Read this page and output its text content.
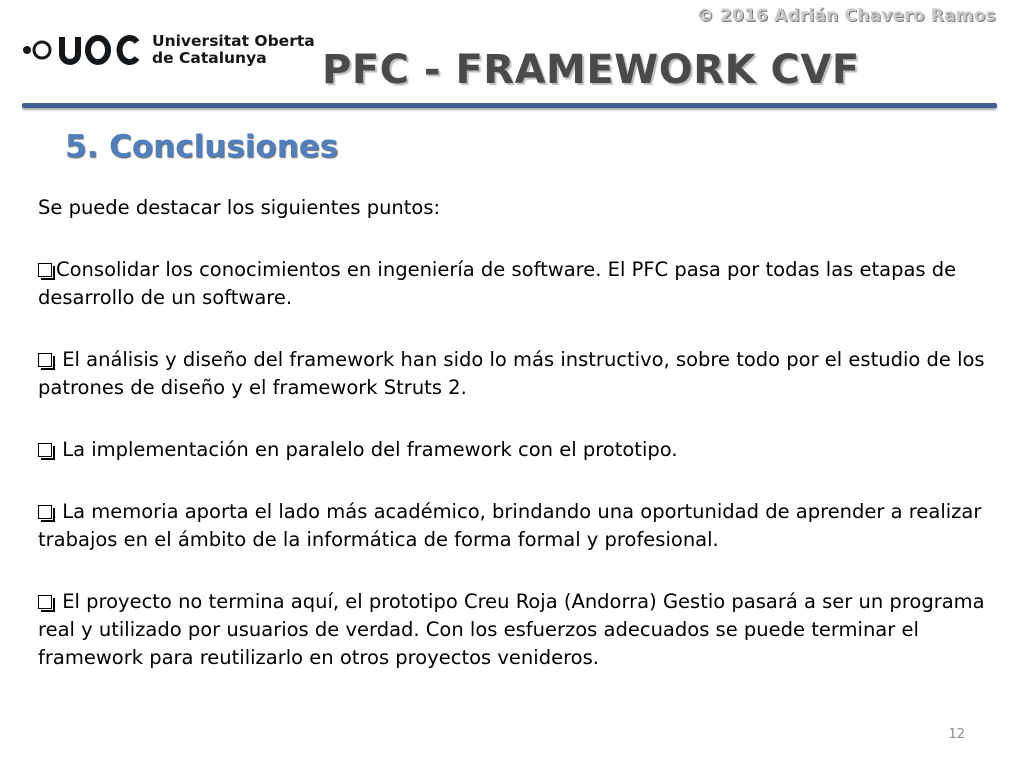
© 2016 Adrián Chavero Ramos
Universitat Oberta
de Catalunya	PFC - FRAMEWORK CVF
5. Conclusiones

Se puede destacar los siguientes puntos:

Consolidar los conocimientos en ingeniería de software. El PFC pasa por todas las etapas de desarrollo de un software.

El análisis y diseño del framework han sido lo más instructivo, sobre todo por el estudio de los patrones de diseño y el framework Struts 2.

La implementación en paralelo del framework con el prototipo.

La memoria aporta el lado más académico, brindando una oportunidad de aprender a realizar trabajos en el ámbito de la informática de forma formal y profesional.

El proyecto no termina aquí, el prototipo Creu Roja (Andorra) Gestio pasará a ser un programa real y utilizado por usuarios de verdad. Con los esfuerzos adecuados se puede terminar el framework para reutilizarlo en otros proyectos venideros.

12
